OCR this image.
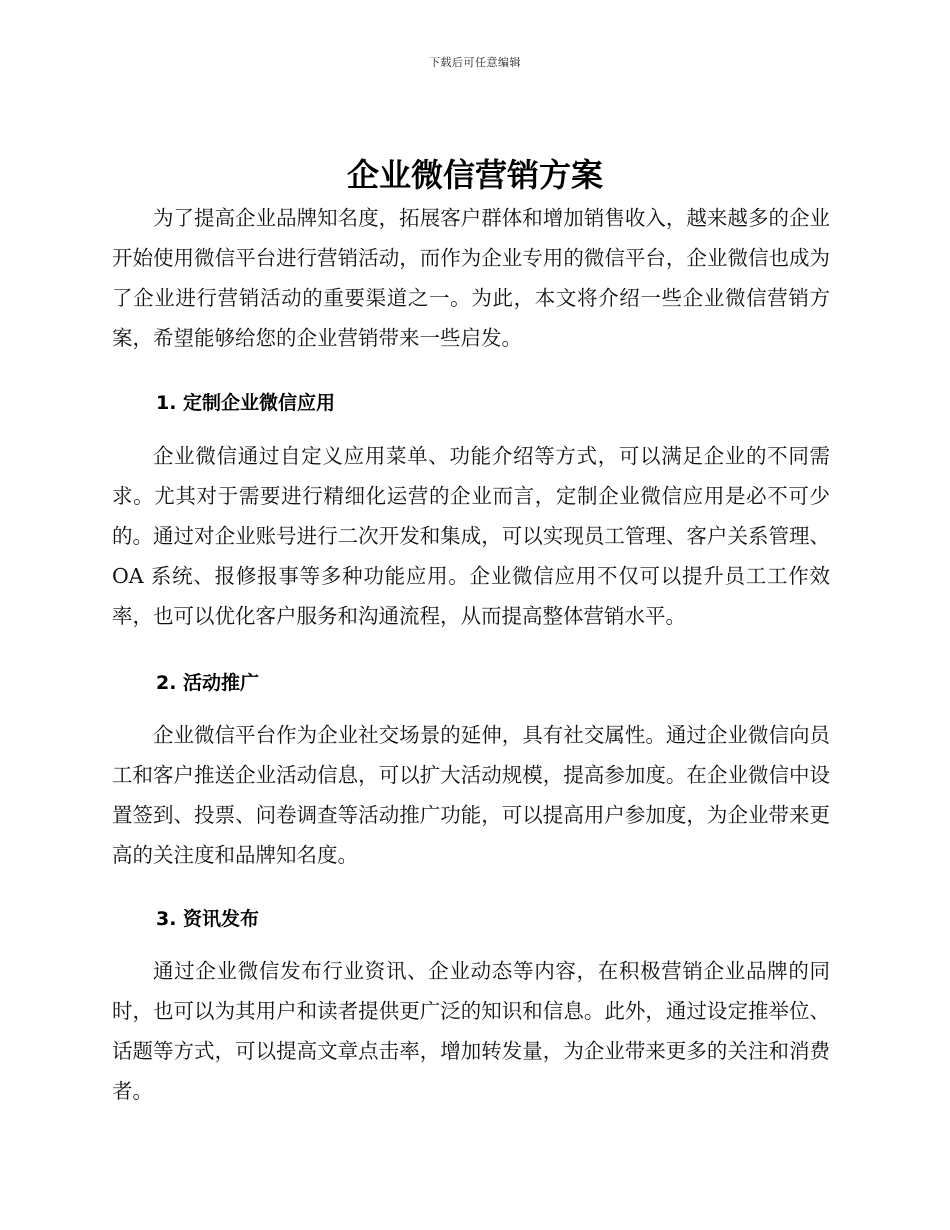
下载后可任意编辑
企业微信营销方案

为了提高企业品牌知名度，拓展客户群体和增加销售收入，越来越多的企业开始使用微信平台进行营销活动，而作为企业专用的微信平台，企业微信也成为了企业进行营销活动的重要渠道之一。为此，本文将介绍一些企业微信营销方案，希望能够给您的企业营销带来一些启发。

1. 定制企业微信应用

企业微信通过自定义应用菜单、功能介绍等方式，可以满足企业的不同需求。尤其对于需要进行精细化运营的企业而言，定制企业微信应用是必不可少的。通过对企业账号进行二次开发和集成，可以实现员工管理、客户关系管理、OA 系统、报修报事等多种功能应用。企业微信应用不仅可以提升员工工作效率，也可以优化客户服务和沟通流程，从而提高整体营销水平。

2. 活动推广

企业微信平台作为企业社交场景的延伸，具有社交属性。通过企业微信向员工和客户推送企业活动信息，可以扩大活动规模，提高参加度。在企业微信中设置签到、投票、问卷调查等活动推广功能，可以提高用户参加度，为企业带来更高的关注度和品牌知名度。

3. 资讯发布

通过企业微信发布行业资讯、企业动态等内容，在积极营销企业品牌的同时，也可以为其用户和读者提供更广泛的知识和信息。此外，通过设定推举位、话题等方式，可以提高文章点击率，增加转发量，为企业带来更多的关注和消费者。
